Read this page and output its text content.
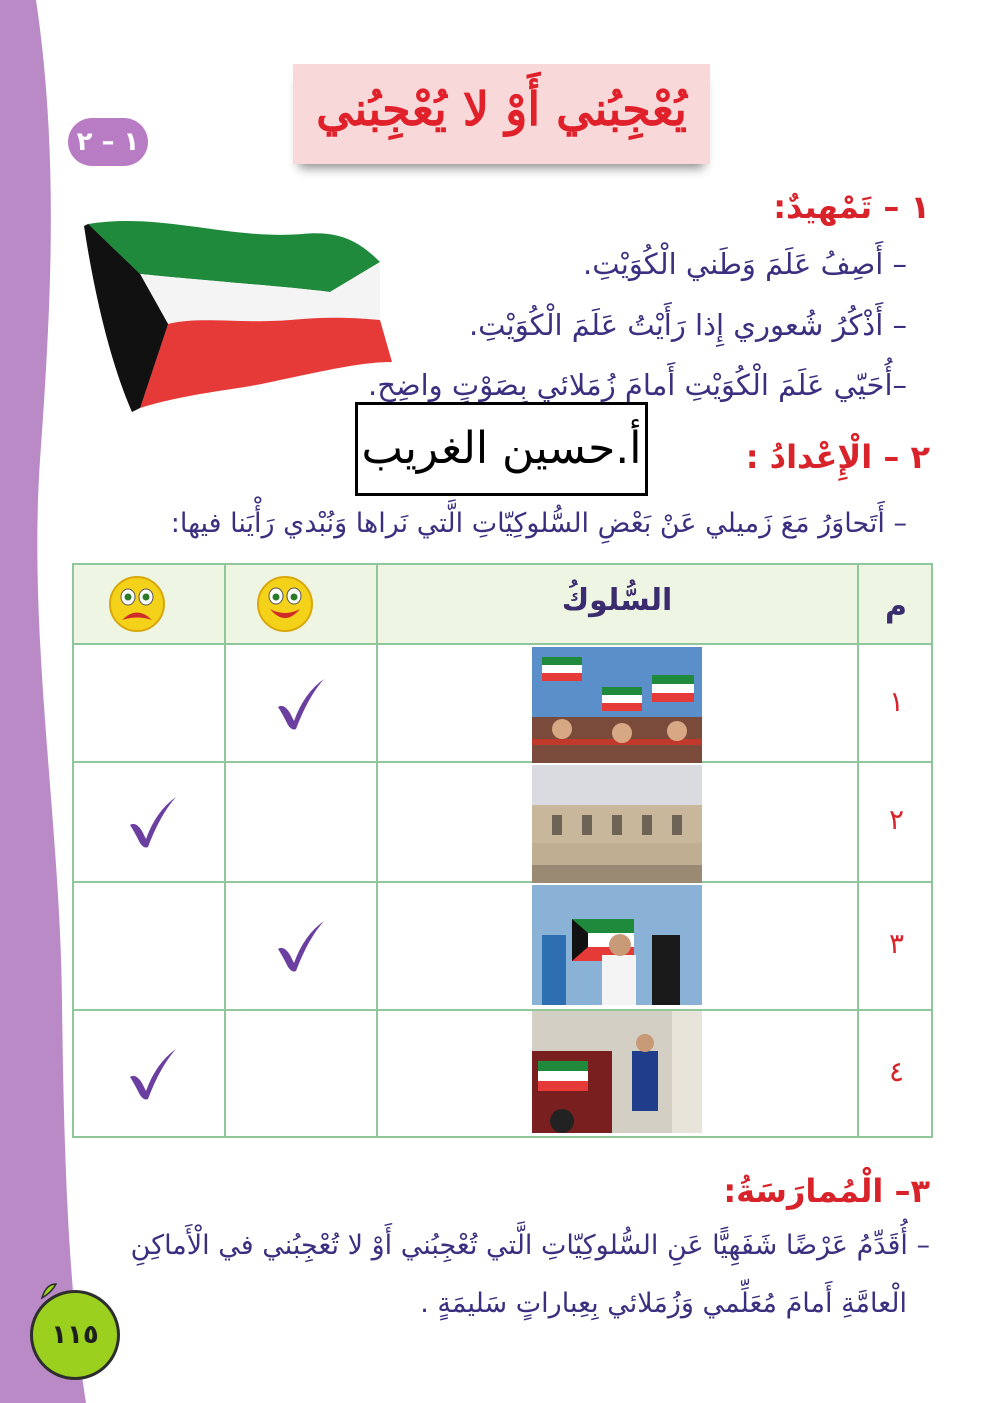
١ – ٢
يُعْجِبُني أَوْ لا يُعْجِبُني
١ – تَمْهيدٌ:
– أَصِفُ عَلَمَ وَطَني الْكُوَيْتِ.
– أَذْكُرُ شُعوري إِذا رَأَيْتُ عَلَمَ الْكُوَيْتِ.
–أُحَيّي عَلَمَ الْكُوَيْتِ أَمامَ زُمَلائي بِصَوْتٍ واضِحٍ.
أ.حسين الغريب	٢ – الْإِعْدادُ :
– أَتَحاوَرُ مَعَ زَميلي عَنْ بَعْضِ السُّلوكِيّاتِ الَّتي نَراها وَنُبْدي رَأْيَنا فيها:
م
السُّلوكُ
١
٢
٣
٤
٣– الْمُمارَسَةُ:
– أُقَدِّمُ عَرْضًا شَفَهِيًّا عَنِ السُّلوكِيّاتِ الَّتي تُعْجِبُني أَوْ لا تُعْجِبُني في الْأَماكِنِ
الْعامَّةِ أَمامَ مُعَلِّمي وَزُمَلائي بِعِباراتٍ سَليمَةٍ .
١١٥
